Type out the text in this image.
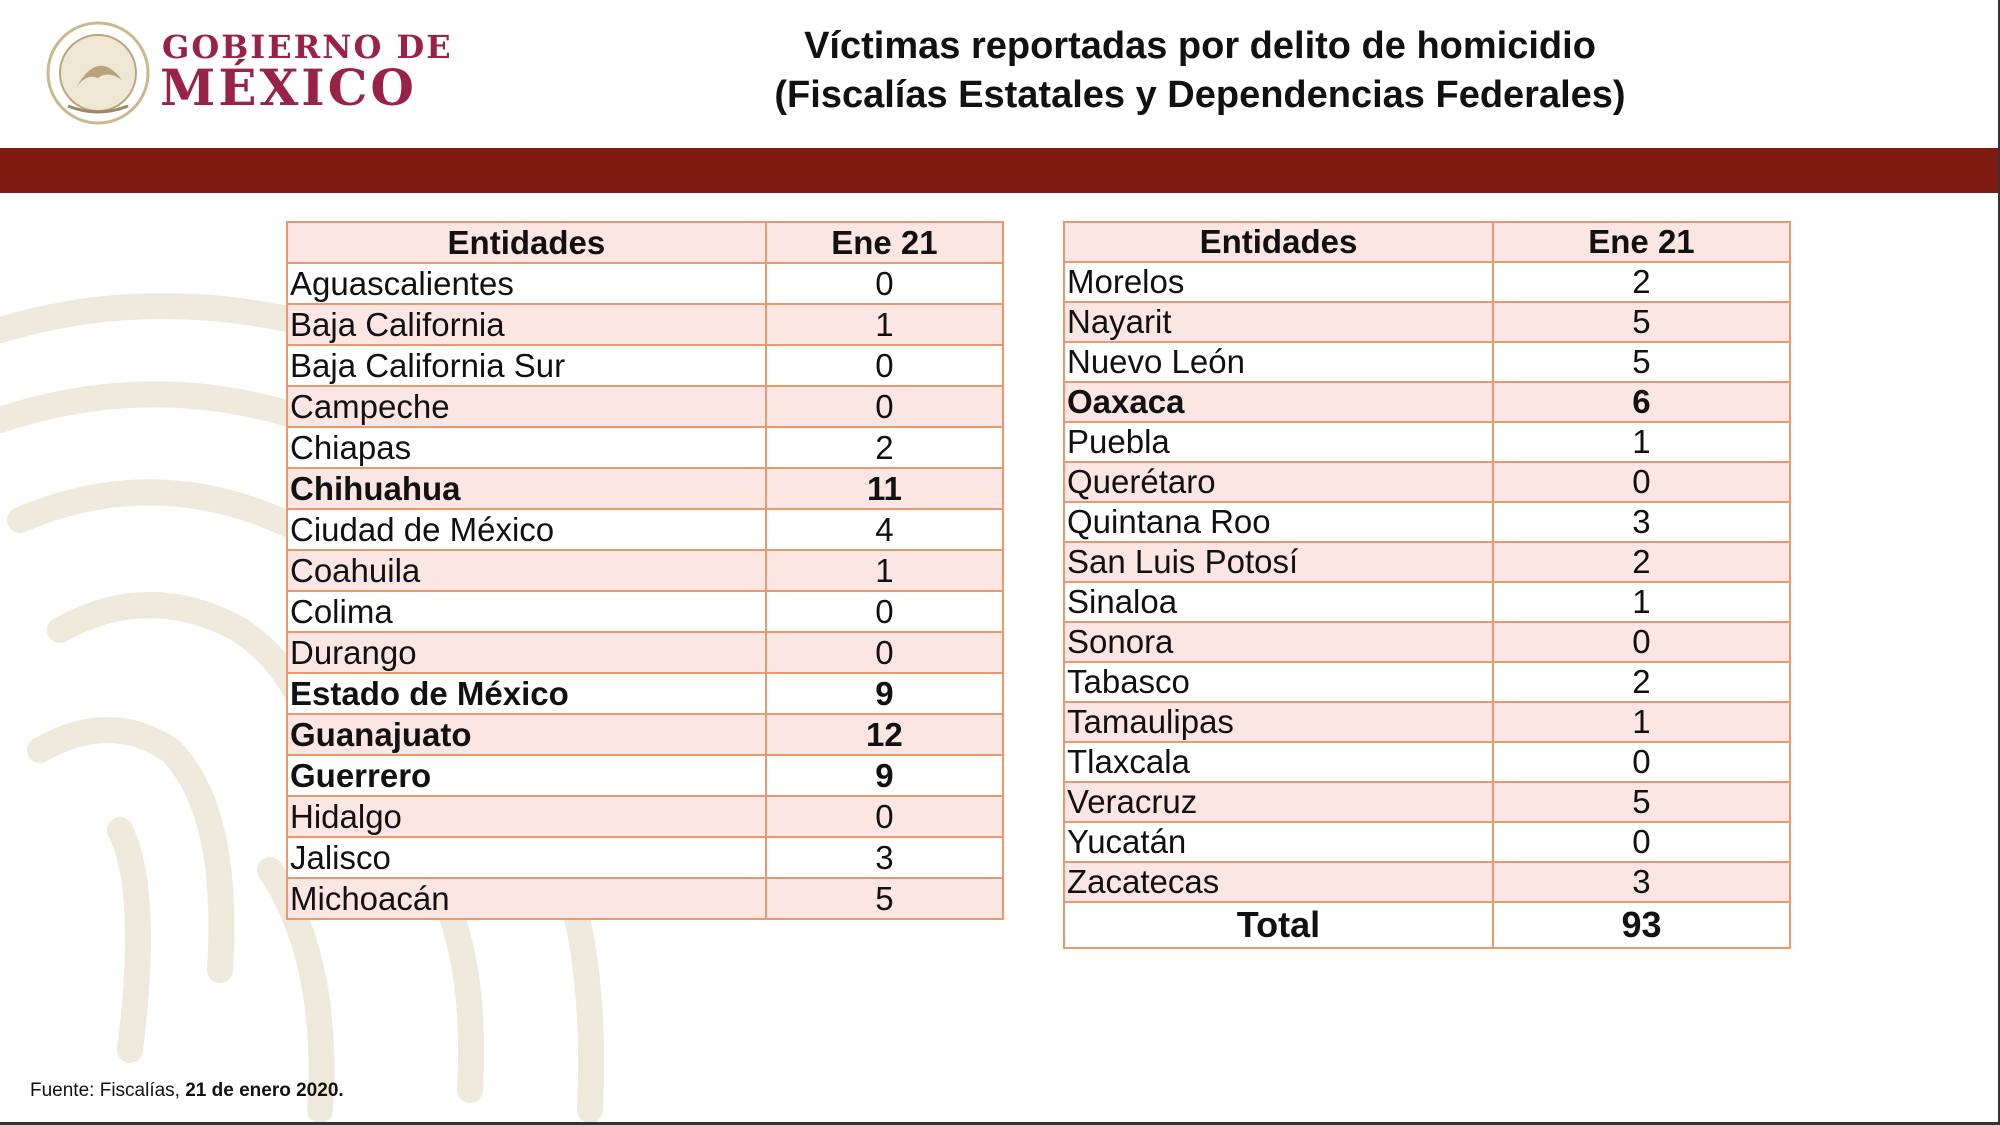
GOBIERNO DE
MÉXICO
Víctimas reportadas por delito de homicidio
(Fiscalías Estatales y Dependencias Federales)
Entidades	Ene 21
Aguascalientes	0
Baja California	1
Baja California Sur	0
Campeche	0
Chiapas	2
Chihuahua	11
Ciudad de México	4
Coahuila	1
Colima	0
Durango	0
Estado de México	9
Guanajuato	12
Guerrero	9
Hidalgo	0
Jalisco	3
Michoacán	5
Entidades	Ene 21
Morelos	2
Nayarit	5
Nuevo León	5
Oaxaca	6
Puebla	1
Querétaro	0
Quintana Roo	3
San Luis Potosí	2
Sinaloa	1
Sonora	0
Tabasco	2
Tamaulipas	1
Tlaxcala	0
Veracruz	5
Yucatán	0
Zacatecas	3
Total	93
Fuente: Fiscalías, 21 de enero 2020.
